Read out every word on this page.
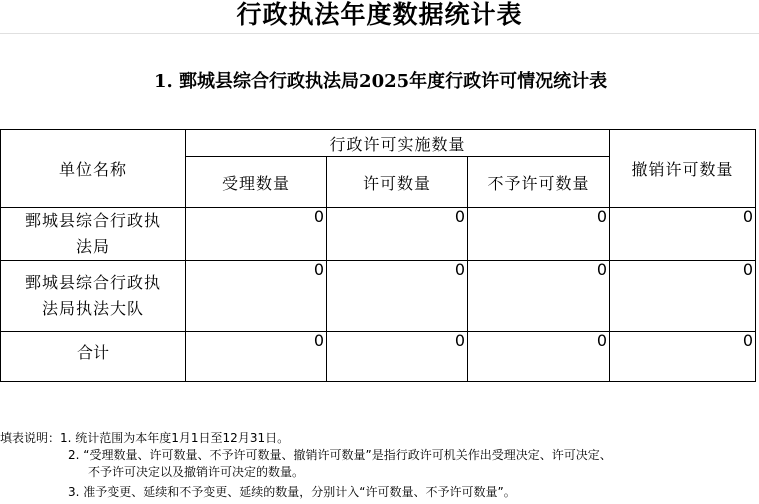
行政执法年度数据统计表
1. 鄄城县综合行政执法局2025年度行政许可情况统计表
单位名称	行政许可实施数量			撤销许可数量
	受理数量	许可数量	不予许可数量	
鄄城县综合行政执
法局	0	0	0	0
鄄城县综合行政执
法局执法大队	0	0	0	0
合计	0	0	0	0
填表说明：1. 统计范围为本年度1月1日至12月31日。
2. “受理数量、许可数量、不予许可数量、撤销许可数量”是指行政许可机关作出受理决定、许可决定、
不予许可决定以及撤销许可决定的数量。
3. 准予变更、延续和不予变更、延续的数量，分别计入“许可数量、不予许可数量”。
